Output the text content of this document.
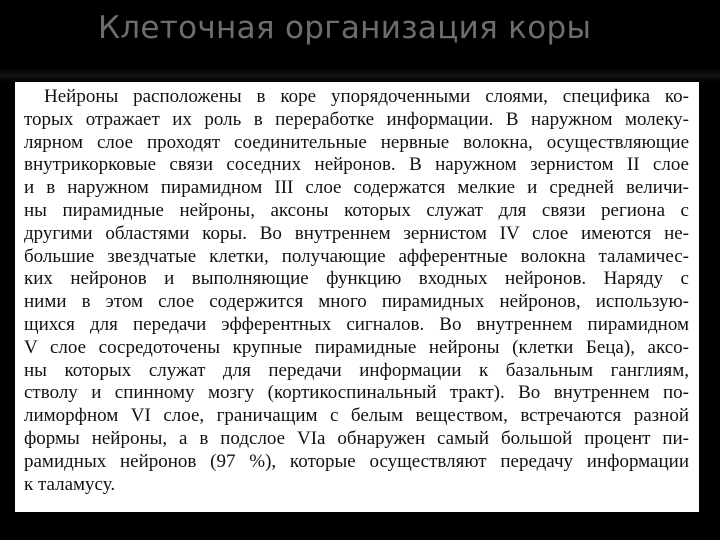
Клеточная организация коры
Нейроны расположены в коре упорядоченными слоями, специфика ко-
торых отражает их роль в переработке информации. В наружном молеку-
лярном слое проходят соединительные нервные волокна, осуществляющие
внутрикорковые связи соседних нейронов. В наружном зернистом II слое
и в наружном пирамидном III слое содержатся мелкие и средней величи-
ны пирамидные нейроны, аксоны которых служат для связи региона с
другими областями коры. Во внутреннем зернистом IV слое имеются не-
большие звездчатые клетки, получающие афферентные волокна таламичес-
ких нейронов и выполняющие функцию входных нейронов. Наряду с
ними в этом слое содержится много пирамидных нейронов, использую-
щихся для передачи эфферентных сигналов. Во внутреннем пирамидном
V слое сосредоточены крупные пирамидные нейроны (клетки Беца), аксо-
ны которых служат для передачи информации к базальным ганглиям,
стволу и спинному мозгу (кортикоспинальный тракт). Во внутреннем по-
лиморфном VI слое, граничащим с белым веществом, встречаются разной
формы нейроны, а в подслое VIa обнаружен самый большой процент пи-
рамидных нейронов (97 %), которые осуществляют передачу информации
к таламусу.
